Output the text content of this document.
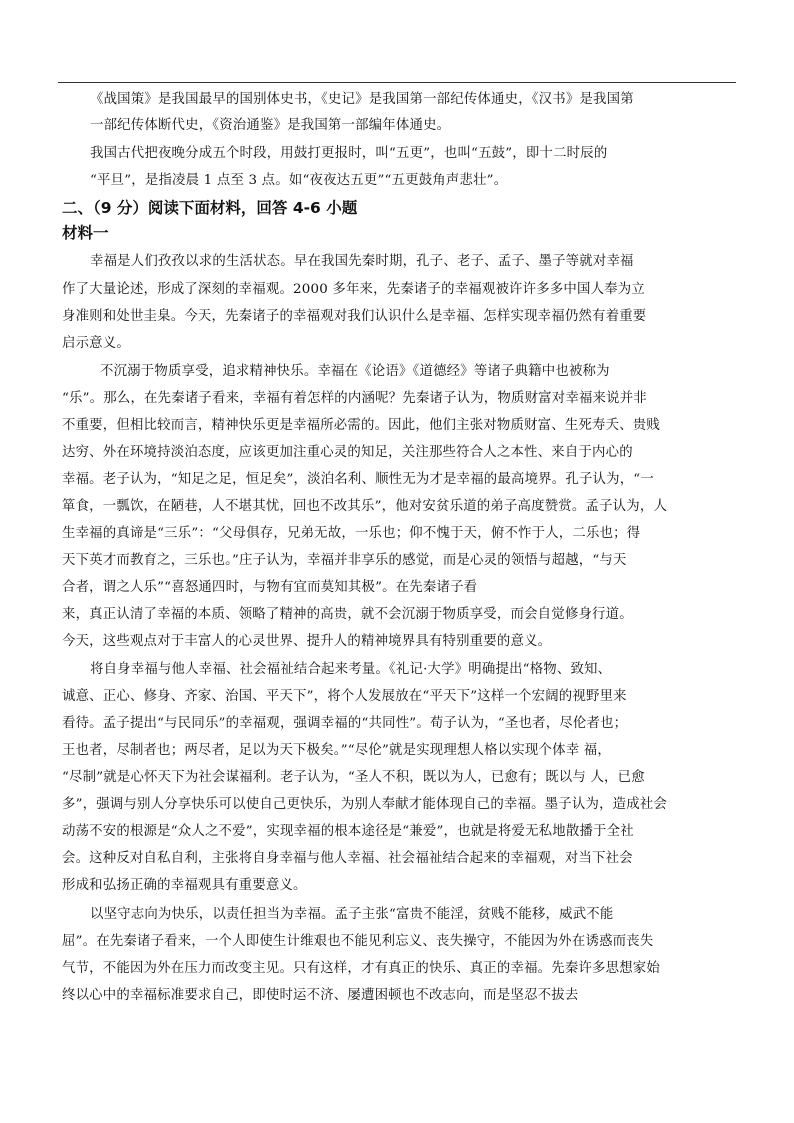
《战国策》是我国最早的国别体史书，《史记》是我国第一部纪传体通史，《汉书》是我国第
一部纪传体断代史，《资治通鉴》是我国第一部编年体通史。
我国古代把夜晚分成五个时段，用鼓打更报时，叫“五更”，也叫“五鼓”，即十二时辰的
“平旦”，是指凌晨 1 点至 3 点。如“夜夜达五更”“五更鼓角声悲壮”。
二、（9 分）阅读下面材料，回答 4-6 小题
材料一
幸福是人们孜孜以求的生活状态。早在我国先秦时期，孔子、老子、孟子、墨子等就对幸福
作了大量论述，形成了深刻的幸福观。2000 多年来，先秦诸子的幸福观被许许多多中国人奉为立
身准则和处世圭臬。今天，先秦诸子的幸福观对我们认识什么是幸福、怎样实现幸福仍然有着重要
启示意义。
不沉溺于物质享受，追求精神快乐。幸福在《论语》《道德经》等诸子典籍中也被称为
“乐”。那么，在先秦诸子看来，幸福有着怎样的内涵呢？先秦诸子认为，物质财富对幸福来说并非
不重要，但相比较而言，精神快乐更是幸福所必需的。因此，他们主张对物质财富、生死寿夭、贵贱
达穷、外在环境持淡泊态度，应该更加注重心灵的知足，关注那些符合人之本性、来自于内心的
幸福。老子认为，“知足之足，恒足矣”，淡泊名利、顺性无为才是幸福的最高境界。孔子认为，“一
箪食，一瓢饮，在陋巷，人不堪其忧，回也不改其乐”，他对安贫乐道的弟子高度赞赏。孟子认为，人
生幸福的真谛是“三乐”：“父母俱存，兄弟无故，一乐也；仰不愧于天，俯不怍于人，二乐也；得
天下英才而教育之，三乐也。”庄子认为，幸福并非享乐的感觉，而是心灵的领悟与超越，“与天
合者，谓之人乐”“喜怒通四时，与物有宜而莫知其极”。在先秦诸子看
来，真正认清了幸福的本质、领略了精神的高贵，就不会沉溺于物质享受，而会自觉修身行道。
今天，这些观点对于丰富人的心灵世界、提升人的精神境界具有特别重要的意义。
将自身幸福与他人幸福、社会福祉结合起来考量。《礼记·大学》明确提出“格物、致知、
诚意、正心、修身、齐家、治国、平天下”，将个人发展放在“平天下”这样一个宏阔的视野里来
看待。孟子提出“与民同乐”的幸福观，强调幸福的“共同性”。荀子认为，“圣也者，尽伦者也；
王也者，尽制者也；两尽者，足以为天下极矣。”“尽伦”就是实现理想人格以实现个体幸 福，
“尽制”就是心怀天下为社会谋福利。老子认为，“圣人不积，既以为人，已愈有；既以与 人，已愈
多”，强调与别人分享快乐可以使自己更快乐，为别人奉献才能体现自己的幸福。墨子认为，造成社会
动荡不安的根源是“众人之不爱”，实现幸福的根本途径是“兼爱”，也就是将爱无私地散播于全社
会。这种反对自私自利，主张将自身幸福与他人幸福、社会福祉结合起来的幸福观，对当下社会
形成和弘扬正确的幸福观具有重要意义。
以坚守志向为快乐，以责任担当为幸福。孟子主张“富贵不能淫，贫贱不能移，威武不能
屈”。在先秦诸子看来，一个人即使生计维艰也不能见利忘义、丧失操守，不能因为外在诱惑而丧失
气节，不能因为外在压力而改变主见。只有这样，才有真正的快乐、真正的幸福。先秦许多思想家始
终以心中的幸福标准要求自己，即使时运不济、屡遭困顿也不改志向，而是坚忍不拔去
